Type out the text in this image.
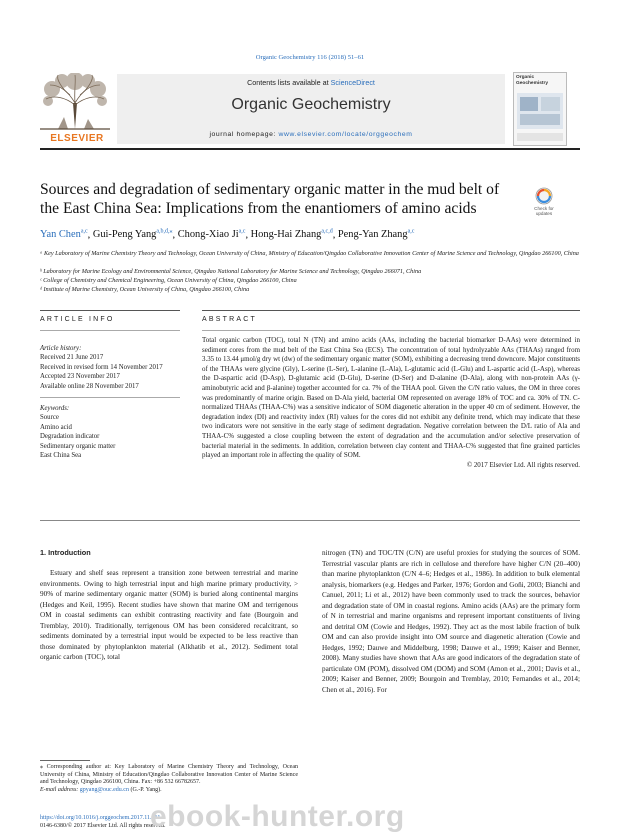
Organic Geochemistry 116 (2018) 51–61
ELSEVIER
Contents lists available at ScienceDirect
Organic Geochemistry
journal homepage: www.elsevier.com/locate/orggeochem
Organic Geochemistry
Sources and degradation of sedimentary organic matter in the mud belt of the East China Sea: Implications from the enantiomers of amino acids	Check for updates
Yan Chen$^{a,c}$, Gui-Peng Yang$^{a,b,d,⁎}$, Chong-Xiao Ji$^{a,c}$, Hong-Hai Zhang$^{a,c,d}$, Peng-Yan Zhang$^{a,c}$
ᵃ Key Laboratory of Marine Chemistry Theory and Technology, Ocean University of China, Ministry of Education/Qingdao Collaborative Innovation Center of Marine Science and Technology, Qingdao 266100, China
ᵇ Laboratory for Marine Ecology and Environmental Science, Qingdao National Laboratory for Marine Science and Technology, Qingdao 266071, China
ᶜ College of Chemistry and Chemical Engineering, Ocean University of China, Qingdao 266100, China
ᵈ Institute of Marine Chemistry, Ocean University of China, Qingdao 266100, China
ARTICLE INFO
Article history:
Received 21 June 2017
Received in revised form 14 November 2017
Accepted 23 November 2017
Available online 28 November 2017
Keywords:
Source
Amino acid
Degradation indicator
Sedimentary organic matter
East China Sea
ABSTRACT
Total organic carbon (TOC), total N (TN) and amino acids (AAs, including the bacterial biomarker D-AAs) were determined in sediment cores from the mud belt of the East China Sea (ECS). The concentration of total hydrolyzable AAs (THAAs) ranged from 3.35 to 13.44 μmol/g dry wt (dw) of the sedimentary organic matter (SOM), exhibiting a decreasing trend downcore. Major constituents of the THAAs were glycine (Gly), L-serine (L-Ser), L-alanine (L-Ala), L-glutamic acid (L-Glu) and L-aspartic acid (L-Asp), whereas the D-aspartic acid (D-Asp), D-glutamic acid (D-Glu), D-serine (D-Ser) and D-alanine (D-Ala), along with non-protein AAs (γ-aminobutyric acid and β-alanine) together accounted for ca. 7% of the THAA pool. Given the C/N ratio values, the OM in three cores was predominantly of marine origin. Based on D-Ala yield, bacterial OM represented on average 18% of TOC and ca. 30% of TN. C-normalized THAAs (THAA-C%) was a sensitive indicator of SOM diagenetic alteration in the upper 40 cm of sediment. However, the degradation index (DI) and reactivity index (RI) values for the cores did not exhibit any definite trend, which may indicate that these two indicators were not sensitive in the early stage of sediment degradation. Negative correlation between the D/L ratio of Ala and THAA-C% suggested a close coupling between the extent of degradation and the accumulation and/or selective preservation of bacterial material in the sediments. In addition, correlation between clay content and THAA-C% suggested that fine grained particles played an important role in affecting the quality of SOM.
© 2017 Elsevier Ltd. All rights reserved.
1. Introduction
Estuary and shelf seas represent a transition zone between terrestrial and marine environments. Owing to high terrestrial input and high marine primary productivity, > 90% of marine sedimentary organic matter (SOM) is buried along continental margins (Hedges and Keil, 1995). Recent studies have shown that marine OM and terrigenous OM in coastal sediments can exhibit contrasting reactivity and fate (Bourgoin and Tremblay, 2010). Traditionally, terrigenous OM has been considered recalcitrant, so sediments dominated by a terrestrial input would be expected to be less reactive than those dominated by phytoplankton material (Alkhatib et al., 2012). Sediment total organic carbon (TOC), total
nitrogen (TN) and TOC/TN (C/N) are useful proxies for studying the sources of SOM. Terrestrial vascular plants are rich in cellulose and therefore have higher C/N (20–400) than marine phytoplankton (C/N 4–6; Hedges et al., 1986). In addition to bulk elemental analysis, biomarkers (e.g. Hedges and Parker, 1976; Gordon and Goñi, 2003; Bianchi and Canuel, 2011; Li et al., 2012) have been commonly used to track the sources, behavior and degradation state of OM in coastal regions. Amino acids (AAs) are the primary form of N in terrestrial and marine organisms and represent important constituents of living and detrital OM (Cowie and Hedges, 1992). They act as the most labile fraction of bulk OM and can also provide insight into OM source and diagenetic alteration (Cowie and Hedges, 1992; Dauwe and Middelburg, 1998; Dauwe et al., 1999; Kaiser and Benner, 2008). Many studies have shown that AAs are good indicators of the degradation state of particulate OM (POM), dissolved OM (DOM) and SOM (Amon et al., 2001; Davis et al., 2009; Kaiser and Benner, 2009; Bourgoin and Tremblay, 2010; Fernandes et al., 2014; Chen et al., 2016). For
⁎ Corresponding author at: Key Laboratory of Marine Chemistry Theory and Technology, Ocean University of China, Ministry of Education/Qingdao Collaborative Innovation Center of Marine Science and Technology, Qingdao 266100, China. Fax: +86 532 66782657.
E-mail address: gpyang@ouc.edu.cn (G.-P. Yang).
https://doi.org/10.1016/j.orggeochem.2017.11.011
0146-6380/© 2017 Elsevier Ltd. All rights reserved.
ebook-hunter.org
